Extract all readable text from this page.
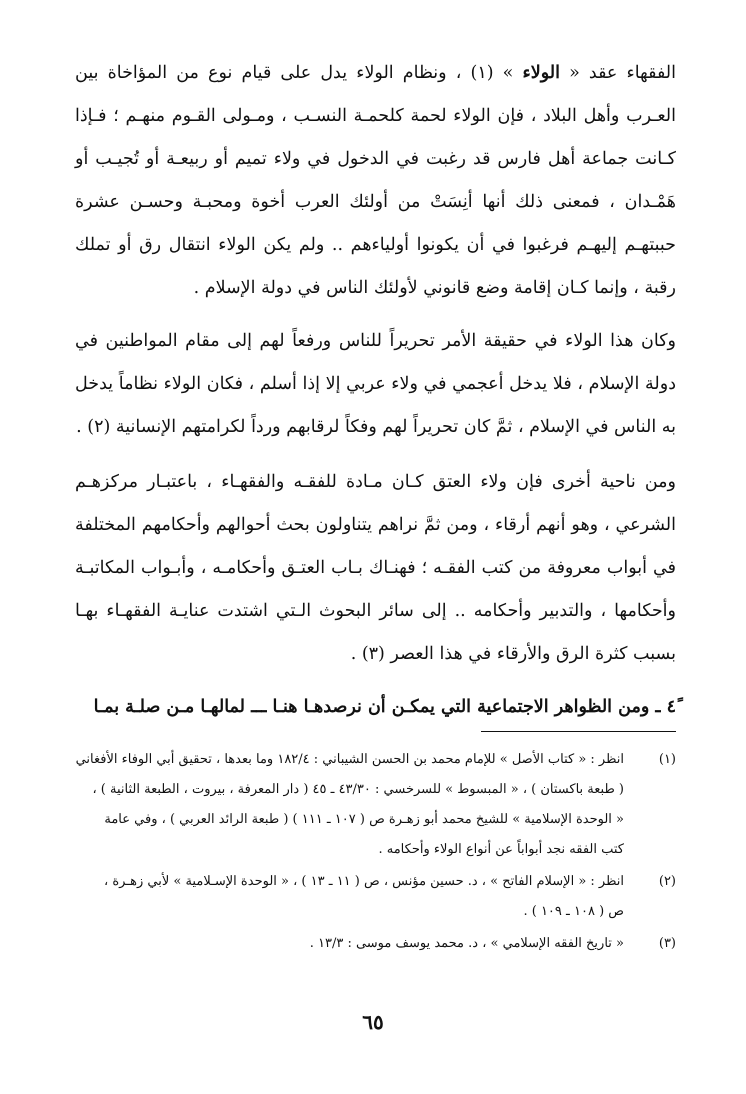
الفقهاء عقد « الولاء » (١) ، ونظام الولاء يدل على قيام نوع من المؤاخاة بين العـرب وأهل البلاد ، فإن الولاء لحمة كلحمـة النسـب ، ومـولى القـوم منهـم ؛ فـإذا كـانت جماعة أهل فارس قد رغبت في الدخول في ولاء تميم أو ربيعـة أو تُجيـب أو هَمْـدان ، فمعنى ذلك أنها أنِسَتْ من أولئك العرب أخوة ومحبـة وحسـن عشرة حببتهـم إليهـم فرغبوا في أن يكونوا أولياءهم .. ولم يكن الولاء انتقال رق أو تملك رقبة ، وإنما كـان إقامة وضع قانوني لأولئك الناس في دولة الإسلام .

وكان هذا الولاء في حقيقة الأمر تحريراً للناس ورفعاً لهم إلى مقام المواطنين في دولة الإسلام ، فلا يدخل أعجمي في ولاء عربي إلا إذا أسلم ، فكان الولاء نظاماً يدخل به الناس في الإسلام ، ثمَّ كان تحريراً لهم وفكاً لرقابهم ورداً لكرامتهم الإنسانية (٢) .

ومن ناحية أخرى فإن ولاء العتق كـان مـادة للفقـه والفقهـاء ، باعتبـار مركزهـم الشرعي ، وهو أنهم أرقاء ، ومن ثمَّ نراهم يتناولون بحث أحوالهم وأحكامهم المختلفة في أبواب معروفة من كتب الفقـه ؛ فهنـاك بـاب العتـق وأحكامـه ، وأبـواب المكاتبـة وأحكامها ، والتدبير وأحكامه .. إلى سائر البحوث الـتي اشتدت عنايـة الفقهـاء بهـا بسبب كثرة الرق والأرقاء في هذا العصر (٣) .

٤ً ـ ومن الظواهر الاجتماعية التي يمكـن أن نرصدهـا هنـا ـــ لمالهـا مـن صلـة بمـا

(١)
انظر : « كتاب الأصل » للإمام محمد بن الحسن الشيباني : ١٨٢/٤ وما بعدها ، تحقيق أبي الوفاء الأفغاني
( طبعة باكستان ) ، « المبسوط » للسرخسي : ٤٣/٣٠ ـ ٤٥ ( دار المعرفة ، بيروت ، الطبعة الثانية ) ،
« الوحدة الإسلامية » للشيخ محمد أبو زهـرة ص ( ١٠٧ ـ ١١١ ) ( طبعة الرائد العربي ) ، وفي عامة
كتب الفقه نجد أبواباً عن أنواع الولاء وأحكامه .
(٢)
انظر : « الإسلام الفاتح » ، د. حسين مؤنس ، ص ( ١١ ـ ١٣ ) ، « الوحدة الإسـلامية » لأبي زهـرة ،
ص ( ١٠٨ ـ ١٠٩ ) .
(٣)
« تاريخ الفقه الإسلامي » ، د. محمد يوسف موسى : ١٣/٣ .
٦٥
